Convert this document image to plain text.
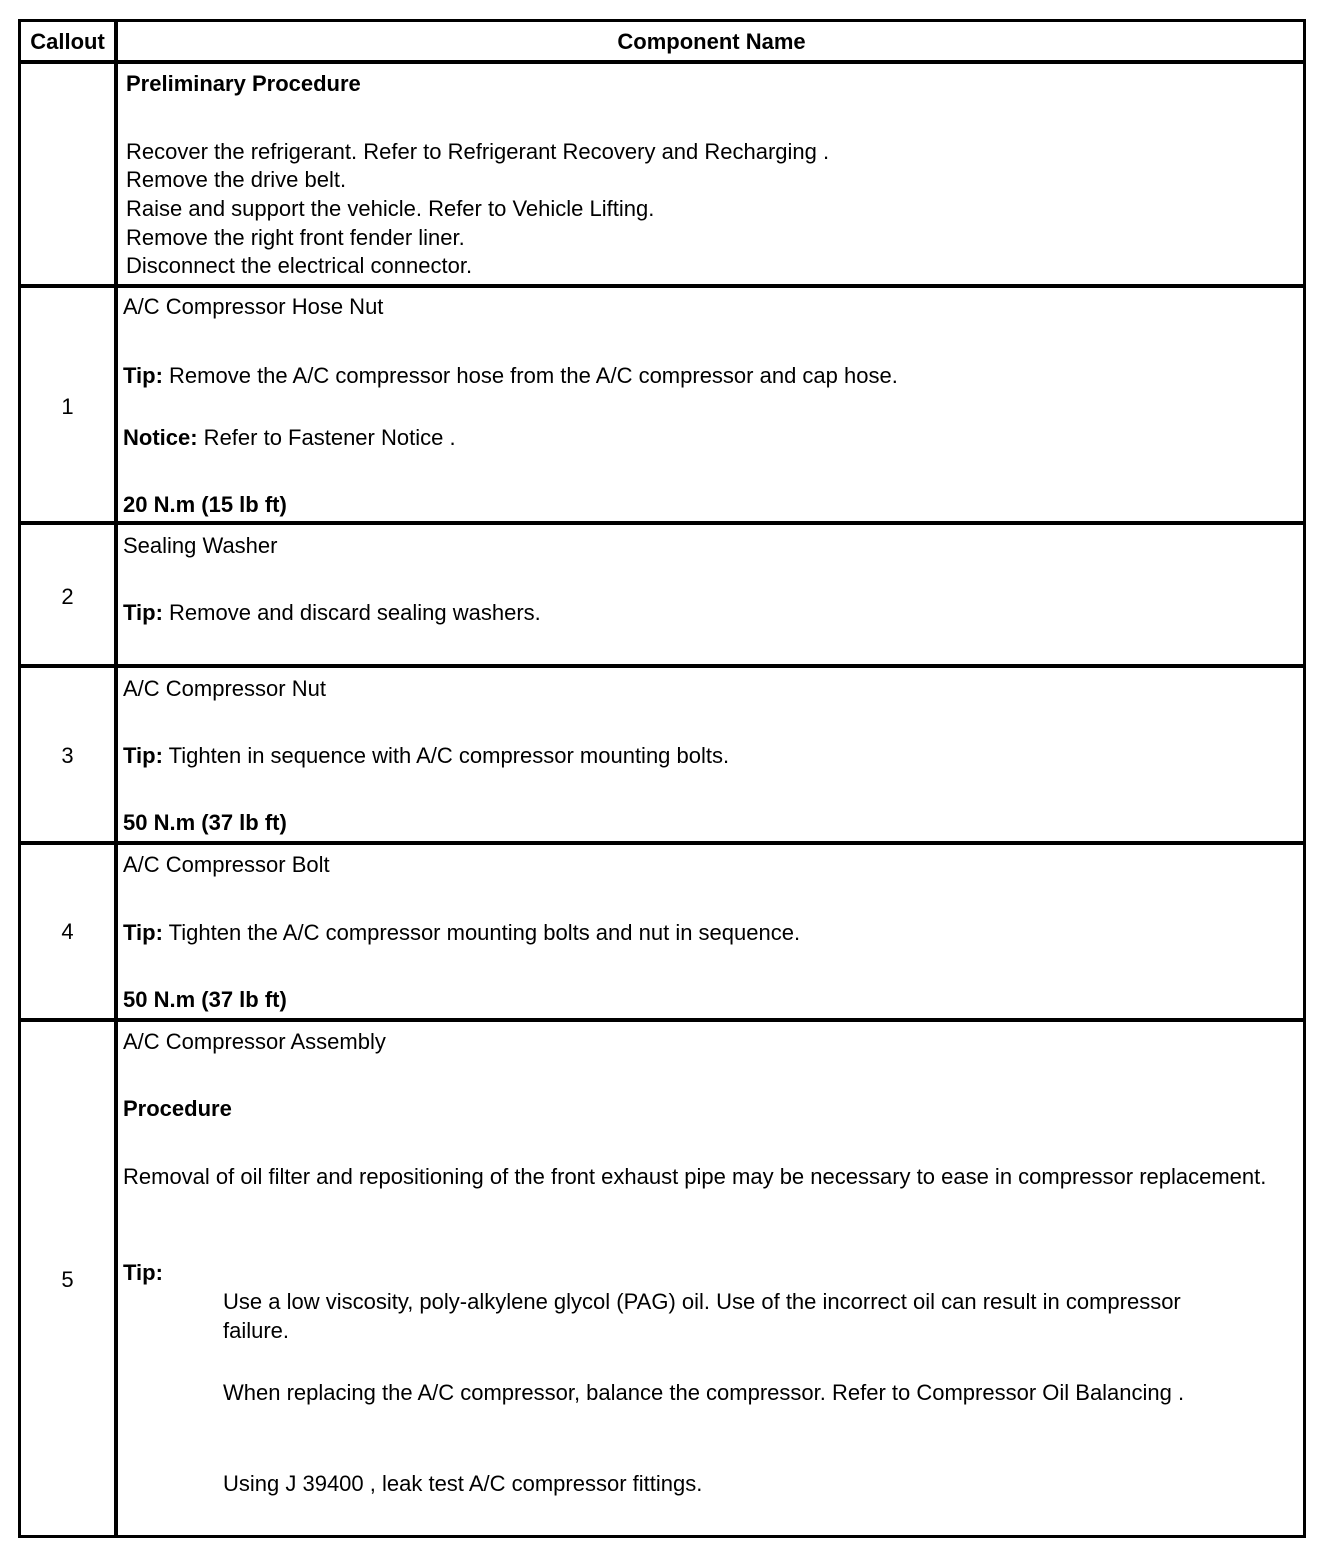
Callout	Component Name
Preliminary Procedure
Recover the refrigerant. Refer to Refrigerant Recovery and Recharging .
Remove the drive belt.
Raise and support the vehicle. Refer to Vehicle Lifting.
Remove the right front fender liner.
Disconnect the electrical connector.
1
A/C Compressor Hose Nut
Tip: Remove the A/C compressor hose from the A/C compressor and cap hose.
Notice: Refer to Fastener Notice .
20 N.m (15 lb ft)
2
Sealing Washer
Tip: Remove and discard sealing washers.
3
A/C Compressor Nut
Tip: Tighten in sequence with A/C compressor mounting bolts.
50 N.m (37 lb ft)
4
A/C Compressor Bolt
Tip: Tighten the A/C compressor mounting bolts and nut in sequence.
50 N.m (37 lb ft)
5
A/C Compressor Assembly
Procedure
Removal of oil filter and repositioning of the front exhaust pipe may be necessary to ease in compressor replacement.
Tip:
Use a low viscosity, poly-alkylene glycol (PAG) oil. Use of the incorrect oil can result in compressor failure.
When replacing the A/C compressor, balance the compressor. Refer to Compressor Oil Balancing .
Using J 39400 , leak test A/C compressor fittings.
